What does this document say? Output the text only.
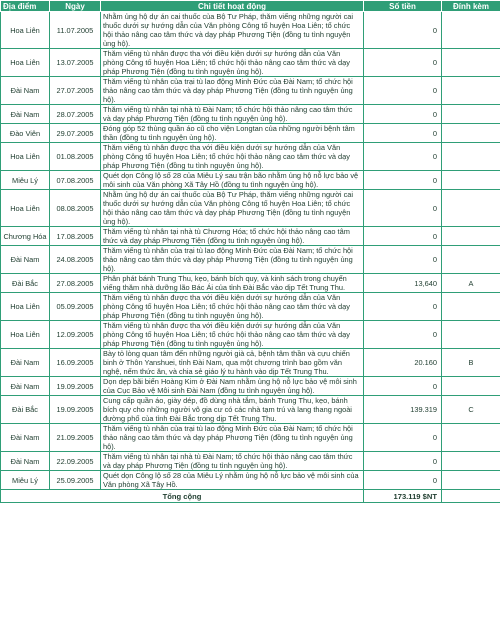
Địa điểm	Ngày	Chi tiết hoạt động	Số tiền	Đính kèm
Hoa Liên	11.07.2005	Nhằm ủng hộ dự án cai thuốc của Bộ Tư Pháp, thăm viếng những người cai thuốc dưới sự hướng dẫn của Văn phòng Công tố huyện Hoa Liên; tổ chức hội thảo nâng cao tâm thức và dạy pháp Phương Tiện (đồng tu tình nguyện ủng hộ).	0	
Hoa Liên	13.07.2005	Thăm viếng tù nhân được tha với điều kiện dưới sự hướng dẫn của Văn phòng Công tố huyện Hoa Liên; tổ chức hội thảo nâng cao tâm thức và dạy pháp Phương Tiện (đồng tu tình nguyện ủng hộ).	0	
Đài Nam	27.07.2005	Thăm viếng tù nhân của trại tù lao động Minh Đức của Đài Nam; tổ chức hội thảo nâng cao tâm thức và dạy pháp Phương Tiện (đồng tu tình nguyện ủng hộ).	0	
Đài Nam	28.07.2005	Thăm viếng tù nhân tại nhà tù Đài Nam; tổ chức hội thảo nâng cao tâm thức và dạy pháp Phương Tiện (đồng tu tình nguyện ủng hộ).	0	
Đào Viên	29.07.2005	Đóng góp 52 thùng quần áo cũ cho viện Longtan của những người bệnh tâm thần (đồng tu tình nguyện ủng hộ).	0	
Hoa Liên	01.08.2005	Thăm viếng tù nhân được tha với điều kiện dưới sự hướng dẫn của Văn phòng Công tố huyện Hoa Liên; tổ chức hội thảo nâng cao tâm thức và dạy pháp Phương Tiện (đồng tu tình nguyện ủng hộ).	0	
Miêu Lý	07.08.2005	Quét dọn Công lộ số 28 của Miêu Lý sau trận bão nhằm ủng hộ nỗ lực bảo vệ môi sinh của Văn phòng Xã Tây Hồ (đồng tu tình nguyện ủng hộ).	0	
Hoa Liên	08.08.2005	Nhằm ủng hộ dự án cai thuốc của Bộ Tư Pháp, thăm viếng những người cai thuốc dưới sự hướng dẫn của Văn phòng Công tố huyện Hoa Liên; tổ chức hội thảo nâng cao tâm thức và dạy pháp Phương Tiện (đồng tu tình nguyện ủng hộ).	0	
Chương Hóa	17.08.2005	Thăm viếng tù nhân tại nhà tù Chương Hóa; tổ chức hội thảo nâng cao tâm thức và dạy pháp Phương Tiện (đồng tu tình nguyện ủng hộ).	0	
Đài Nam	24.08.2005	Thăm viếng tù nhân của trại tù lao động Minh Đức của Đài Nam; tổ chức hội thảo nâng cao tâm thức và dạy pháp Phương Tiện (đồng tu tình nguyện ủng hộ).	0	
Đài Bắc	27.08.2005	Phân phát bánh Trung Thu, kẹo, bánh bích quy, và kinh sách trong chuyến viếng thăm nhà dưỡng lão Bác Ái của tỉnh Đài Bắc vào dịp Tết Trung Thu.	13,640	A
Hoa Liên	05.09.2005	Thăm viếng tù nhân được tha với điều kiện dưới sự hướng dẫn của Văn phòng Công tố huyện Hoa Liên; tổ chức hội thảo nâng cao tâm thức và dạy pháp Phương Tiện (đồng tu tình nguyện ủng hộ).	0	
Hoa Liên	12.09.2005	Thăm viếng tù nhân được tha với điều kiện dưới sự hướng dẫn của Văn phòng Công tố huyện Hoa Liên; tổ chức hội thảo nâng cao tâm thức và dạy pháp Phương Tiện (đồng tu tình nguyện ủng hộ).	0	
Đài Nam	16.09.2005	Bày tỏ lòng quan tâm đến những người già cả, bệnh tâm thần và cựu chiến binh ở Thôn Yanshuei, tỉnh Đài Nam, qua một chương trình bao gồm văn nghệ, nếm thức ăn, và chia sẻ giáo lý tu hành vào dịp Tết Trung Thu.	20.160	B
Đài Nam	19.09.2005	Dọn dẹp bãi biển Hoàng Kim ở Đài Nam nhằm ủng hộ nỗ lực bảo vệ môi sinh của Cục Bảo vệ Môi sinh Đài Nam (đồng tu tình nguyện ủng hộ).	0	
Đài Bắc	19.09.2005	Cung cấp quần áo, giày dép, đồ dùng nhà tắm, bánh Trung Thu, kẹo, bánh bích quy cho những người vô gia cư có các nhà tạm trú và lang thang ngoài đường phố của tỉnh Đài Bắc trong dịp Tết Trung Thu.	139.319	C
Đài Nam	21.09.2005	Thăm viếng tù nhân của trại tù lao động Minh Đức của Đài Nam; tổ chức hội thảo nâng cao tâm thức và dạy pháp Phương Tiện (đồng tu tình nguyện ủng hộ).	0	
Đài Nam	22.09.2005	Thăm viếng tù nhân tại nhà tù Đài Nam; tổ chức hội thảo nâng cao tâm thức và dạy pháp Phương Tiện (đồng tu tình nguyện ủng hộ).	0	
Miêu Lý	25.09.2005	Quét dọn Công lộ số 28 của Miêu Lý nhằm ủng hộ nỗ lực bảo vệ môi sinh của Văn phòng Xã Tây Hồ.	0	
Tổng cộng			173.119 $NT	
